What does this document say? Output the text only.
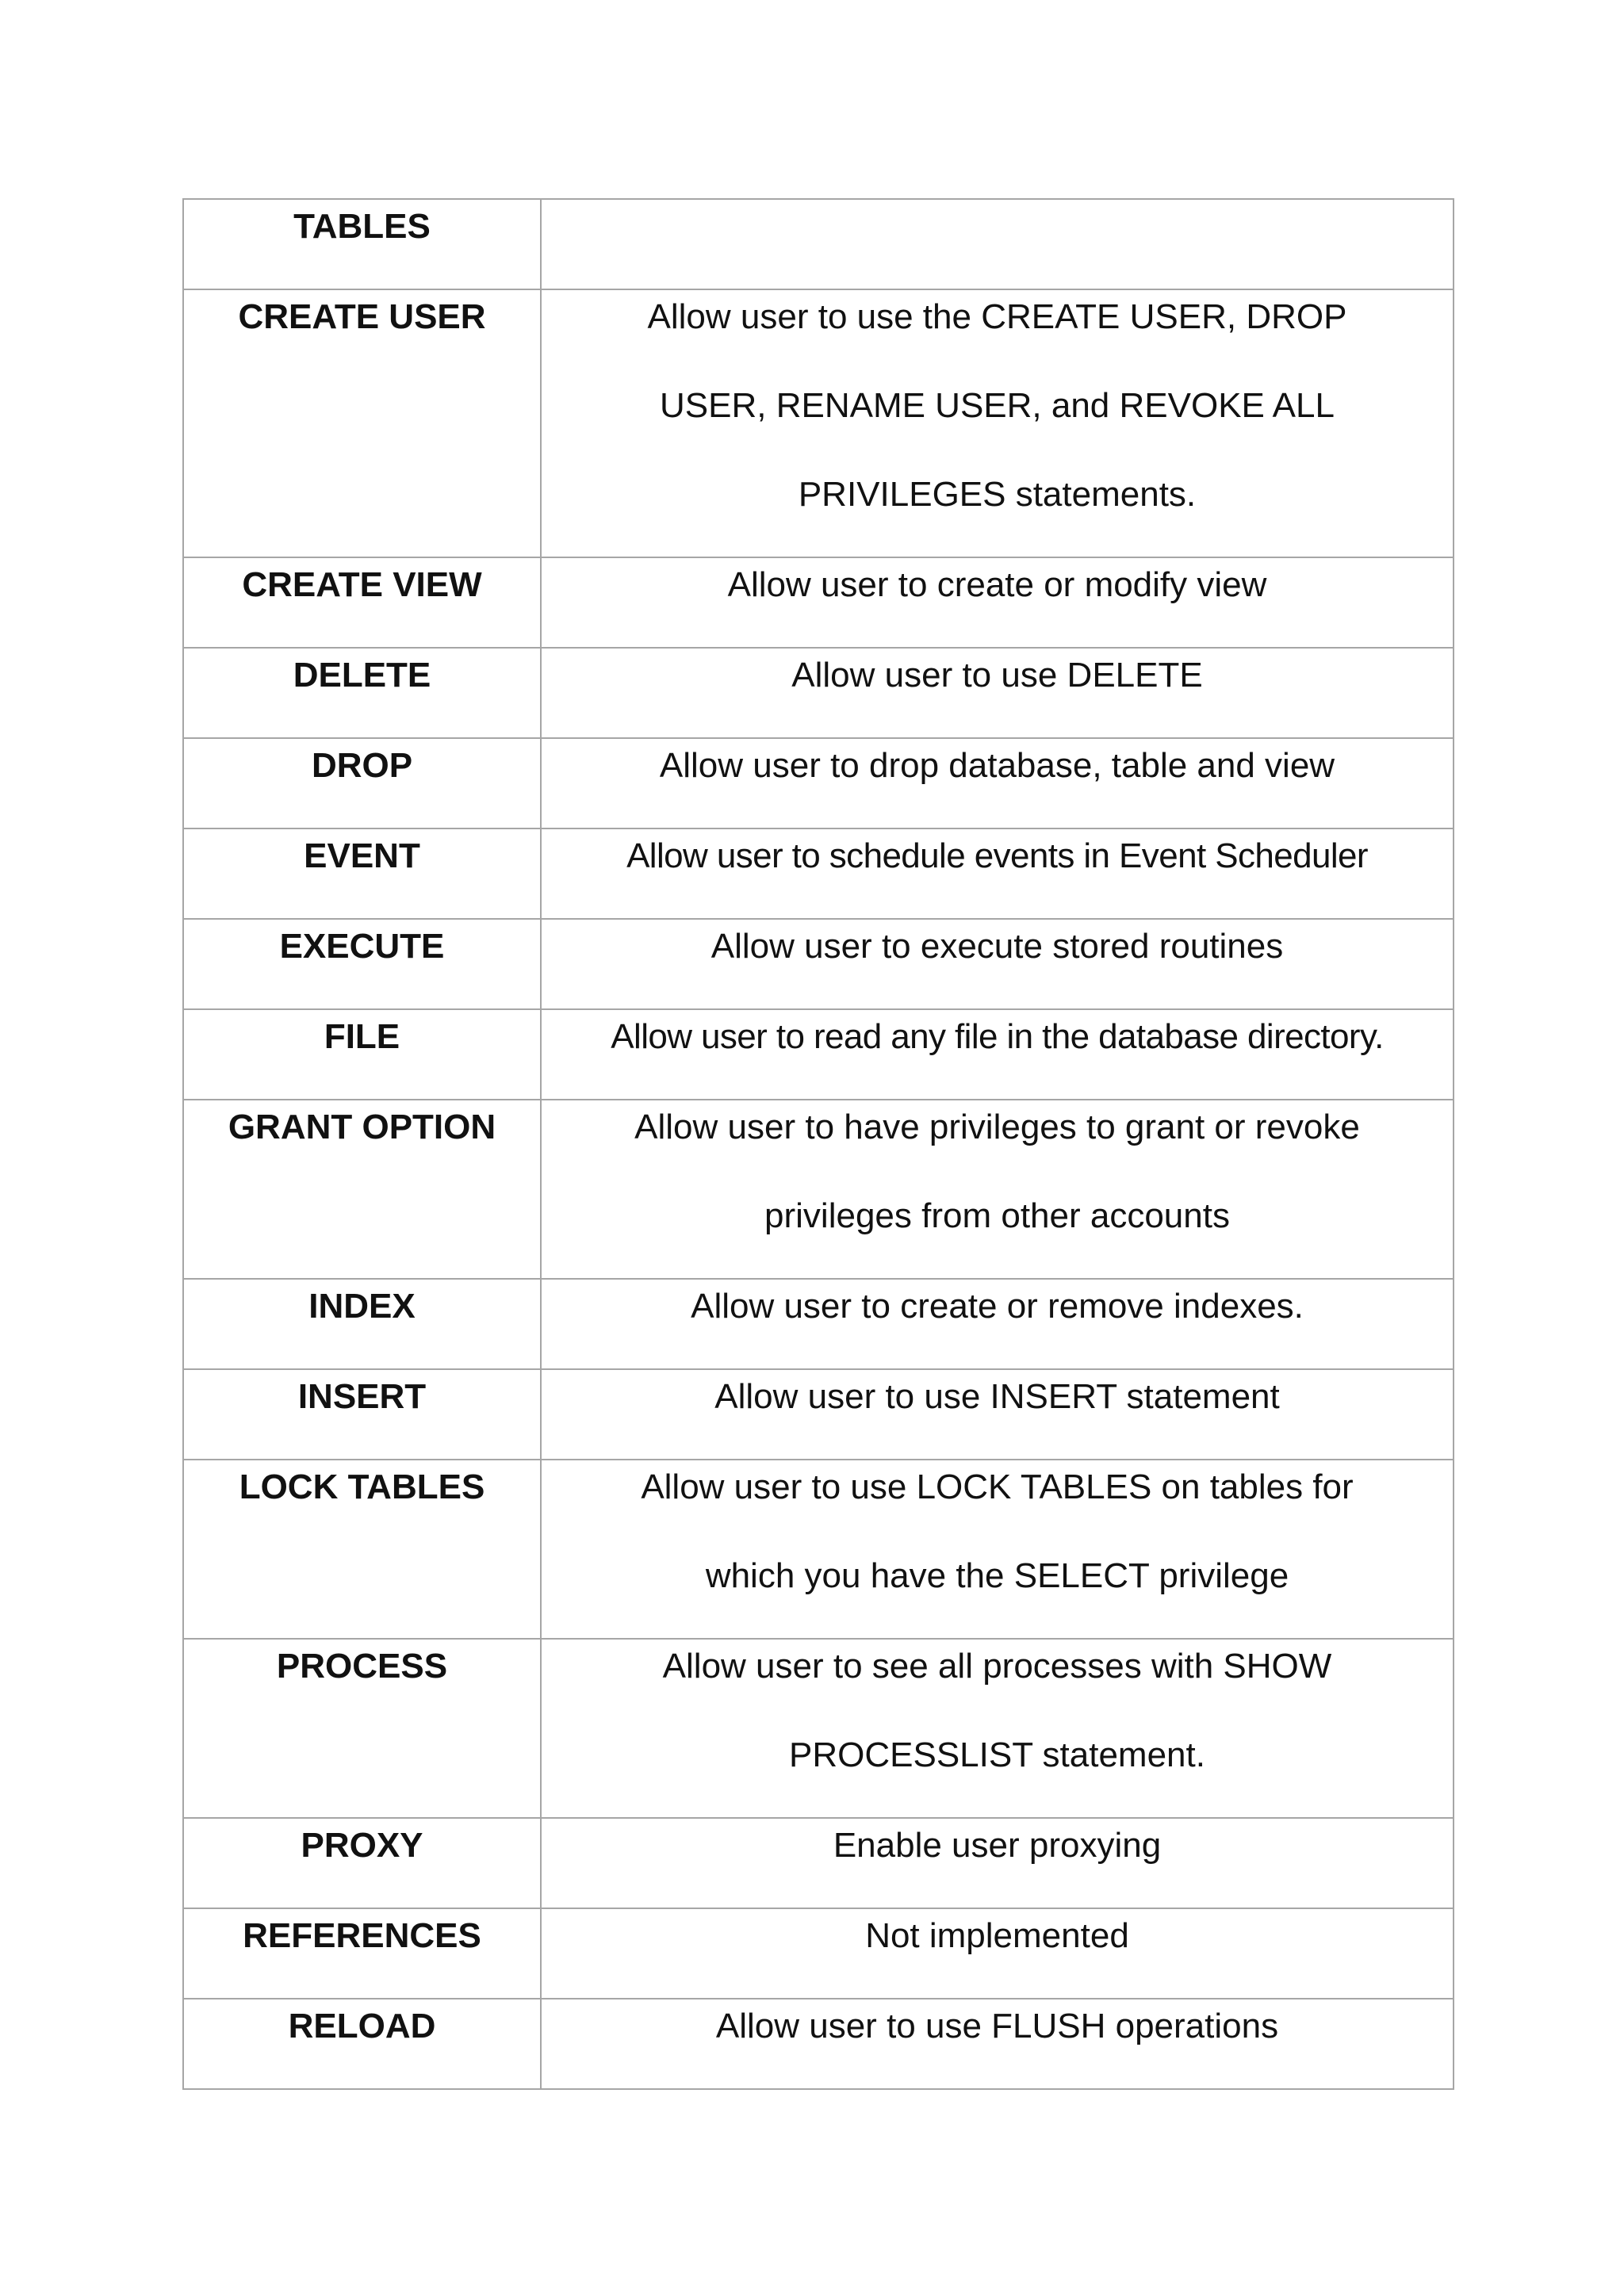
TABLES	

CREATE USER	Allow user to use the CREATE USER, DROP
USER, RENAME USER, and REVOKE ALL
PRIVILEGES statements.

CREATE VIEW	Allow user to create or modify view

DELETE	Allow user to use DELETE

DROP	Allow user to drop database, table and view

EVENT	Allow user to schedule events in Event Scheduler

EXECUTE	Allow user to execute stored routines

FILE	Allow user to read any file in the database directory.

GRANT OPTION	Allow user to have privileges to grant or revoke
privileges from other accounts

INDEX	Allow user to create or remove indexes.

INSERT	Allow user to use INSERT statement

LOCK TABLES	Allow user to use LOCK TABLES on tables for
which you have the SELECT privilege

PROCESS	Allow user to see all processes with SHOW
PROCESSLIST statement.

PROXY	Enable user proxying

REFERENCES	Not implemented

RELOAD	Allow user to use FLUSH operations
